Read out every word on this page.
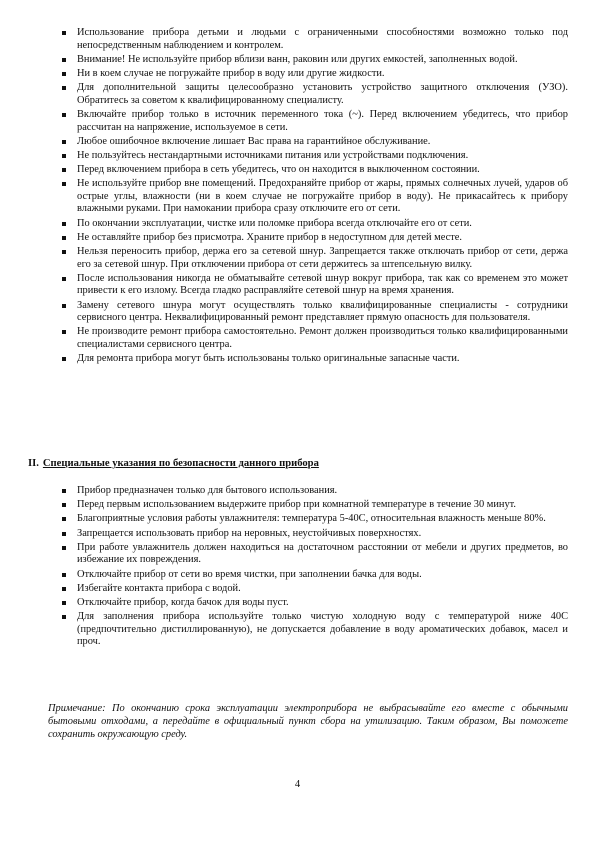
Использование прибора детьми и людьми с ограниченными способностями возможно только под непосредственным наблюдением и контролем.
Внимание! Не используйте прибор вблизи ванн, раковин или других емкостей, заполненных водой.
Ни в коем случае не погружайте прибор в воду или другие жидкости.
Для дополнительной защиты целесообразно установить устройство защитного отключения (УЗО). Обратитесь за советом к квалифицированному специалисту.
Включайте прибор только в источник переменного тока (~). Перед включением убедитесь, что прибор рассчитан на напряжение, используемое в сети.
Любое ошибочное включение лишает Вас права на гарантийное обслуживание.
Не пользуйтесь нестандартными источниками питания или устройствами подключения.
Перед включением прибора в сеть убедитесь, что он находится в выключенном состоянии.
Не используйте прибор вне помещений. Предохраняйте прибор от жары, прямых солнечных лучей, ударов об острые углы, влажности (ни в коем случае не погружайте прибор в воду). Не прикасайтесь к прибору влажными руками. При намокании прибора сразу отключите его от сети.
По окончании эксплуатации, чистке или поломке прибора всегда отключайте его от сети.
Не оставляйте прибор без присмотра. Храните прибор в недоступном для детей месте.
Нельзя переносить прибор, держа его за сетевой шнур. Запрещается также отключать прибор от сети, держа его за сетевой шнур. При отключении прибора от сети держитесь за штепсельную вилку.
После использования никогда не обматывайте сетевой шнур вокруг прибора, так как со временем это может привести к его излому. Всегда гладко расправляйте сетевой шнур на время хранения.
Замену сетевого шнура могут осуществлять только квалифицированные специалисты - сотрудники сервисного центра. Неквалифицированный ремонт представляет прямую опасность для пользователя.
Не производите ремонт прибора самостоятельно. Ремонт должен производиться только квалифицированными специалистами сервисного центра.
Для ремонта прибора могут быть использованы только оригинальные запасные части.
II. Специальные указания по безопасности данного прибора
Прибор предназначен только для бытового использования.
Перед первым использованием выдержите прибор при комнатной температуре в течение 30 минут.
Благоприятные условия работы увлажнителя: температура 5-40С, относительная влажность меньше 80%.
Запрещается использовать прибор на неровных, неустойчивых поверхностях.
При работе увлажнитель должен находиться на достаточном расстоянии от мебели и других предметов, во избежание их повреждения.
Отключайте прибор от сети во время чистки, при заполнении бачка для воды.
Избегайте контакта прибора с водой.
Отключайте прибор, когда бачок для воды пуст.
Для заполнения прибора используйте только чистую холодную воду с температурой ниже 40С (предпочтительно дистиллированную), не допускается добавление в воду ароматических добавок, масел и проч.
Примечание: По окончанию срока эксплуатации электроприбора не выбрасывайте его вместе с обычными бытовыми отходами, а передайте в официальный пункт сбора на утилизацию. Таким образом, Вы поможете сохранить окружающую среду.
4
